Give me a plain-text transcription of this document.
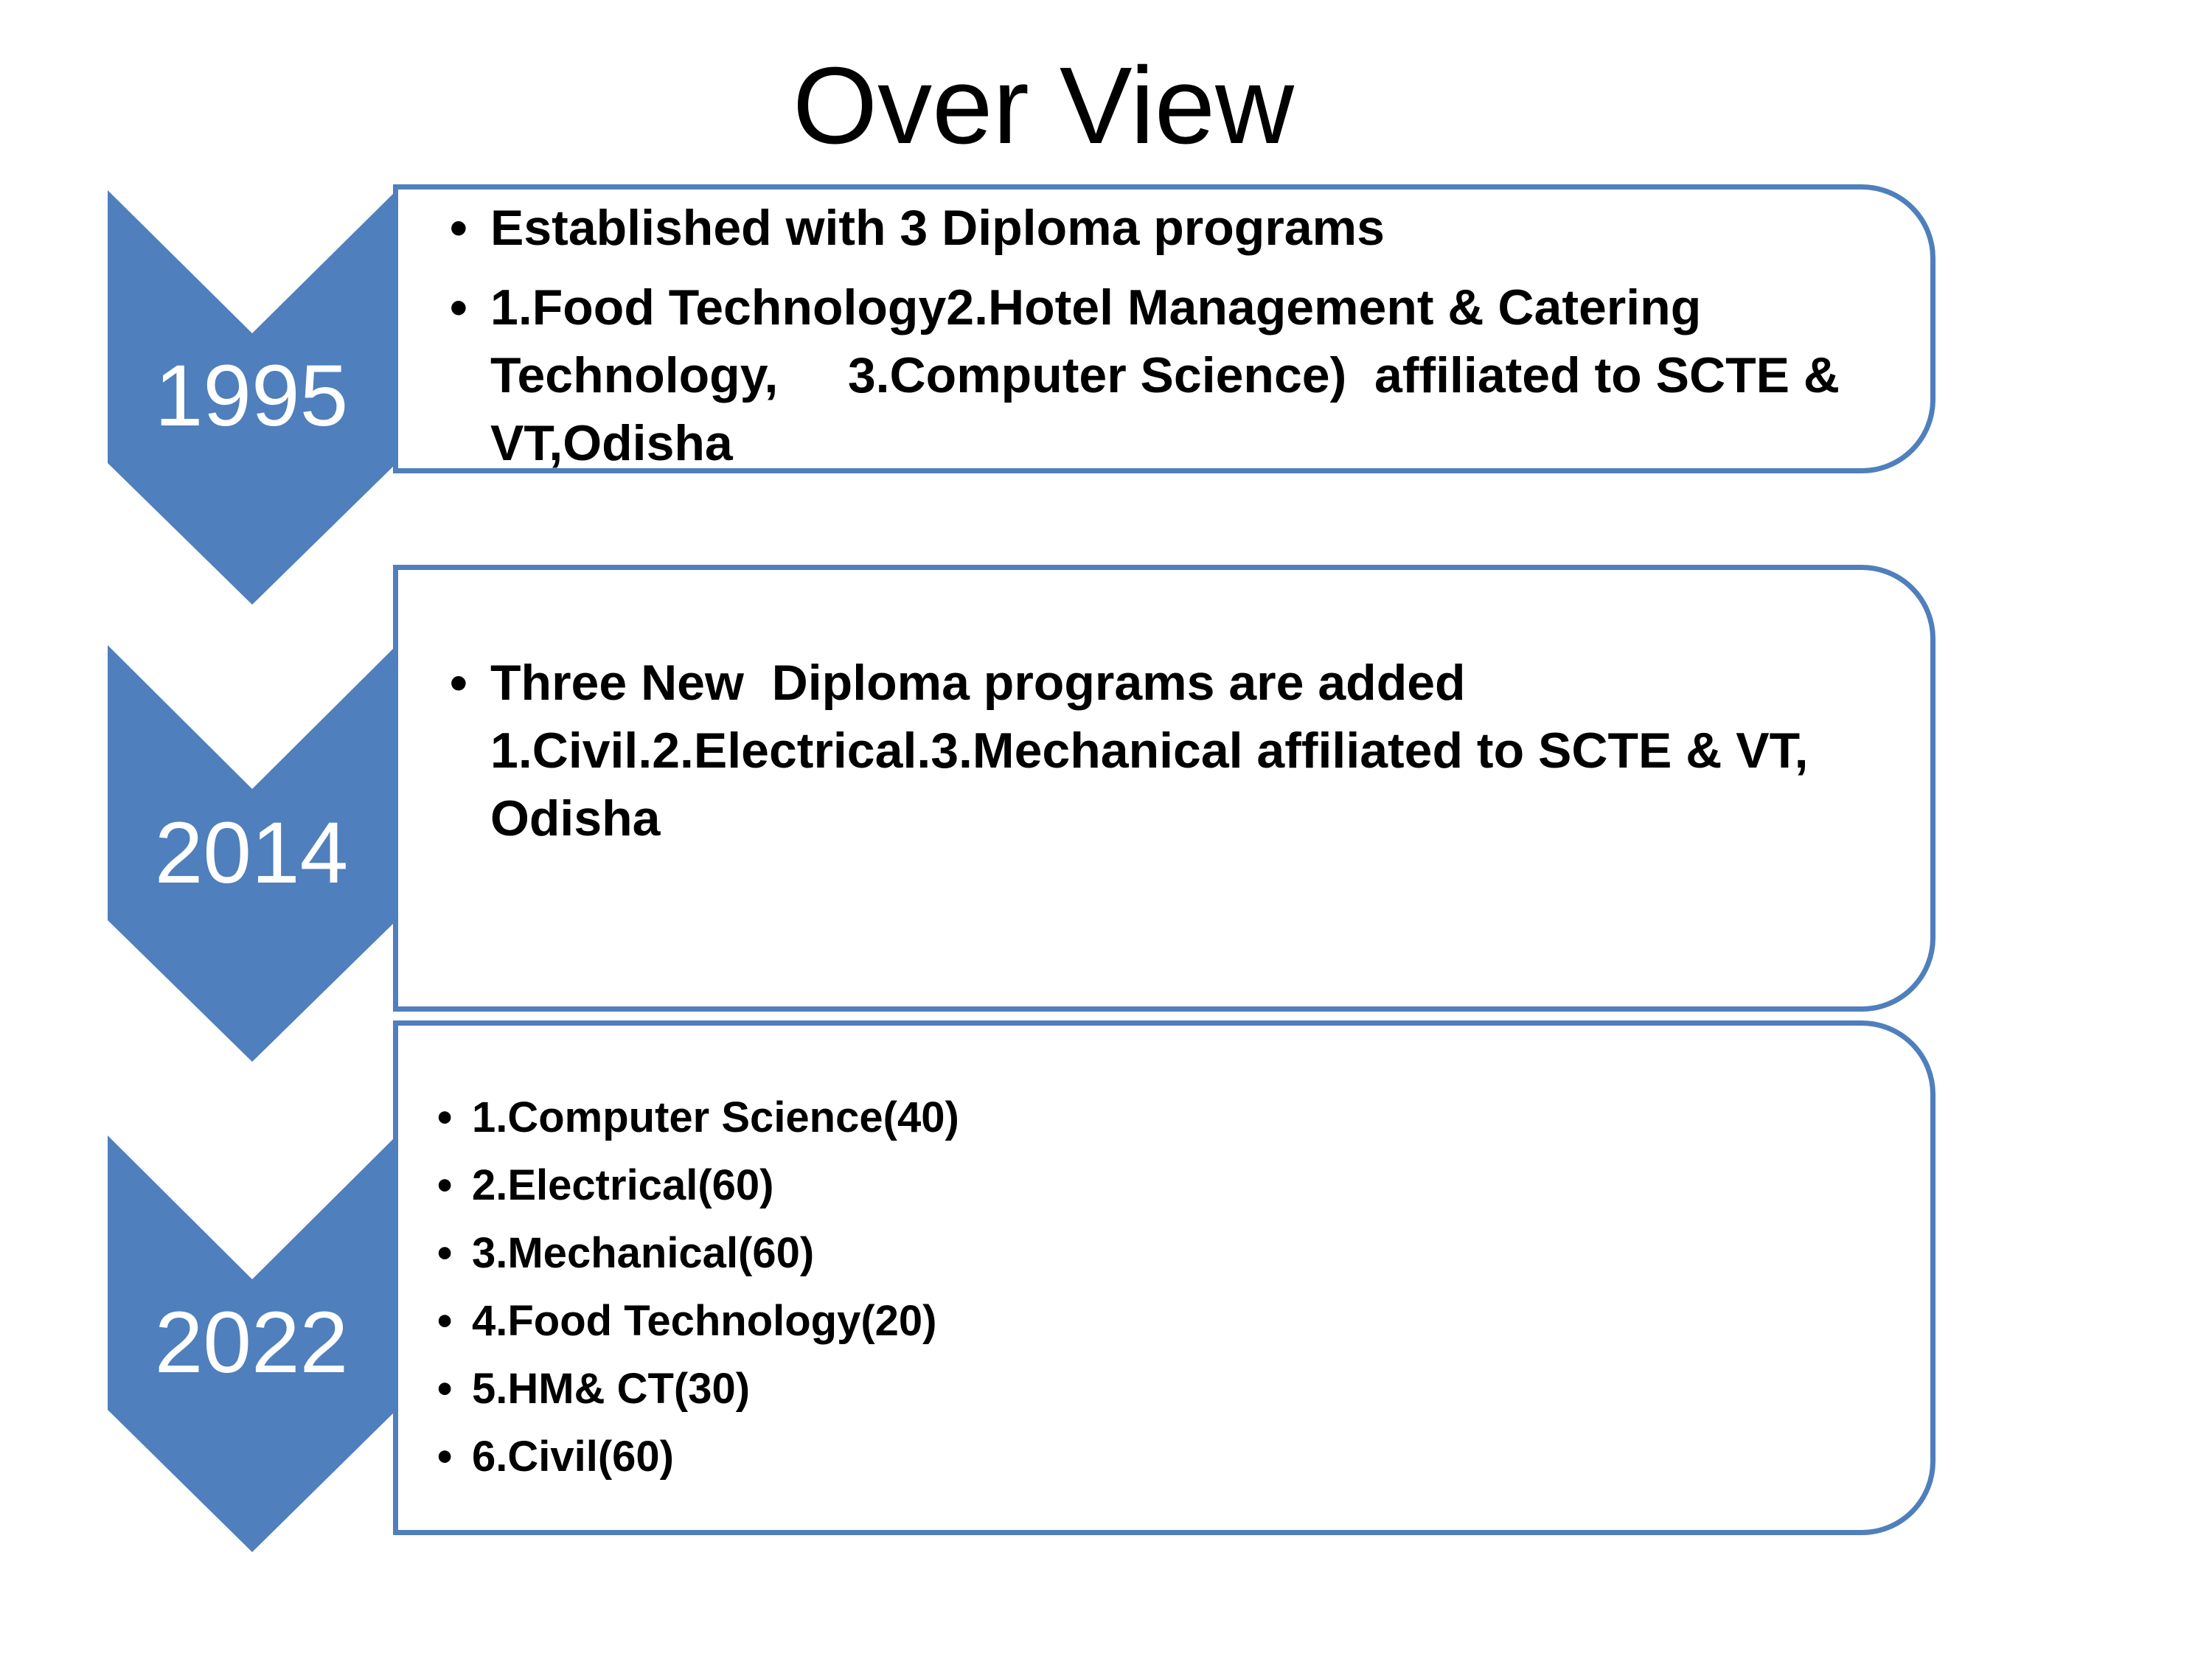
Over View
1995
2014
2022
• Established with 3 Diploma programs
• 1.Food Technology2.Hotel Management & Catering Technology,     3.Computer Science)  affiliated to SCTE & VT,Odisha
• Three New  Diploma programs are added 1.Civil.2.Electrical.3.Mechanical affiliated to SCTE & VT, Odisha
• 1.Computer Science(40)
• 2.Electrical(60)
• 3.Mechanical(60)
• 4.Food Technology(20)
• 5.HM& CT(30)
• 6.Civil(60)
